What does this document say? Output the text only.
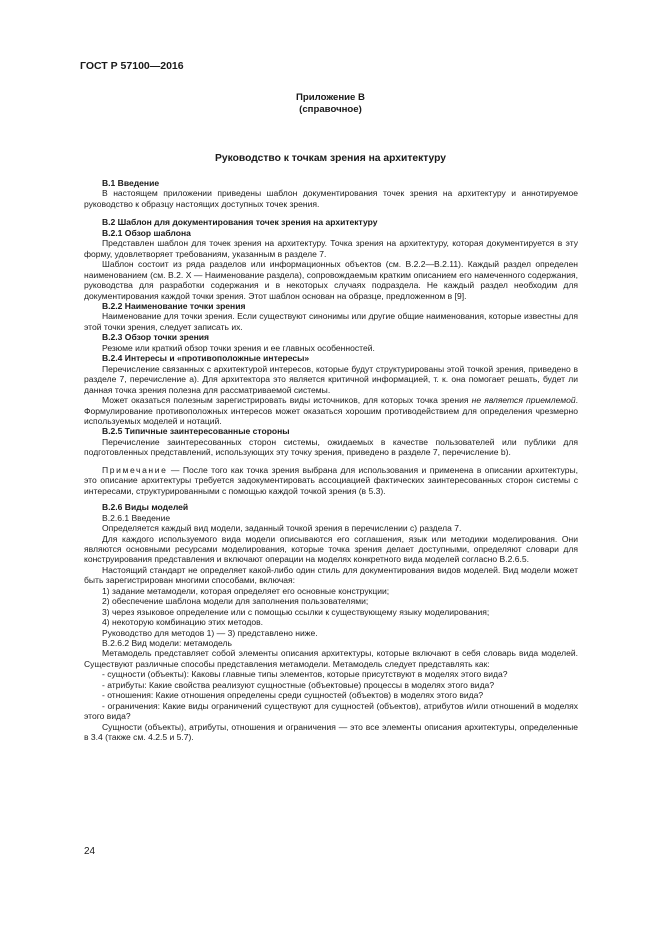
ГОСТ Р 57100—2016
Приложение В
(справочное)
Руководство к точкам зрения на архитектуру
В.1 Введение

В настоящем приложении приведены шаблон документирования точек зрения на архитектуру и аннотируемое руководство к образцу настоящих доступных точек зрения.

В.2 Шаблон для документирования точек зрения на архитектуру
В.2.1 Обзор шаблона

Представлен шаблон для точек зрения на архитектуру. Точка зрения на архитектуру, которая документируется в эту форму, удовлетворяет требованиям, указанным в разделе 7.

Шаблон состоит из ряда разделов или информационных объектов (см. В.2.2—В.2.11). Каждый раздел определен наименованием (см. В.2. X — Наименование раздела), сопровождаемым кратким описанием его намеченного содержания, руководства для разработки содержания и в некоторых случаях подраздела. Не каждый раздел необходим для документирования каждой точки зрения. Этот шаблон основан на образце, предложенном в [9].

В.2.2 Наименование точки зрения

Наименование для точки зрения. Если существуют синонимы или другие общие наименования, которые известны для этой точки зрения, следует записать их.

В.2.3 Обзор точки зрения

Резюме или краткий обзор точки зрения и ее главных особенностей.

В.2.4 Интересы и «противоположные интересы»

Перечисление связанных с архитектурой интересов, которые будут структурированы этой точкой зрения, приведено в разделе 7, перечисление а). Для архитектора это является критичной информацией, т. к. она помогает решать, будет ли данная точка зрения полезна для рассматриваемой системы.

Может оказаться полезным зарегистрировать виды источников, для которых точка зрения не является приемлемой. Формулирование противоположных интересов может оказаться хорошим противодействием для определения чрезмерно используемых моделей и нотаций.

В.2.5 Типичные заинтересованные стороны

Перечисление заинтересованных сторон системы, ожидаемых в качестве пользователей или публики для подготовленных представлений, использующих эту точку зрения, приведено в разделе 7, перечисление b).

Примечание — После того как точка зрения выбрана для использования и применена в описании архитектуры, это описание архитектуры требуется задокументировать ассоциацией фактических заинтересованных сторон системы с интересами, структурированными с помощью каждой точкой зрения (в 5.3).

В.2.6 Виды моделей

В.2.6.1 Введение

Определяется каждый вид модели, заданный точкой зрения в перечислении с) раздела 7.

Для каждого используемого вида модели описываются его соглашения, язык или методики моделирования. Они являются основными ресурсами моделирования, которые точка зрения делает доступными, определяют словари для конструирования представления и включают операции на моделях конкретного вида моделей согласно В.2.6.5.

Настоящий стандарт не определяет какой-либо один стиль для документирования видов моделей. Вид модели может быть зарегистрирован многими способами, включая:

1) задание метамодели, которая определяет его основные конструкции;

2) обеспечение шаблона модели для заполнения пользователями;

3) через языковое определение или с помощью ссылки к существующему языку моделирования;

4) некоторую комбинацию этих методов.

Руководство для методов 1) — 3) представлено ниже.

В.2.6.2 Вид модели: метамодель

Метамодель представляет собой элементы описания архитектуры, которые включают в себя словарь вида моделей. Существуют различные способы представления метамодели. Метамодель следует представлять как:

- сущности (объекты): Каковы главные типы элементов, которые присутствуют в моделях этого вида?

- атрибуты: Какие свойства реализуют сущностные (объектовые) процессы в моделях этого вида?

- отношения: Какие отношения определены среди сущностей (объектов) в моделях этого вида?

- ограничения: Какие виды ограничений существуют для сущностей (объектов), атрибутов и/или отношений в моделях этого вида?

Сущности (объекты), атрибуты, отношения и ограничения — это все элементы описания архитектуры, определенные в 3.4 (также см. 4.2.5 и 5.7).

24
